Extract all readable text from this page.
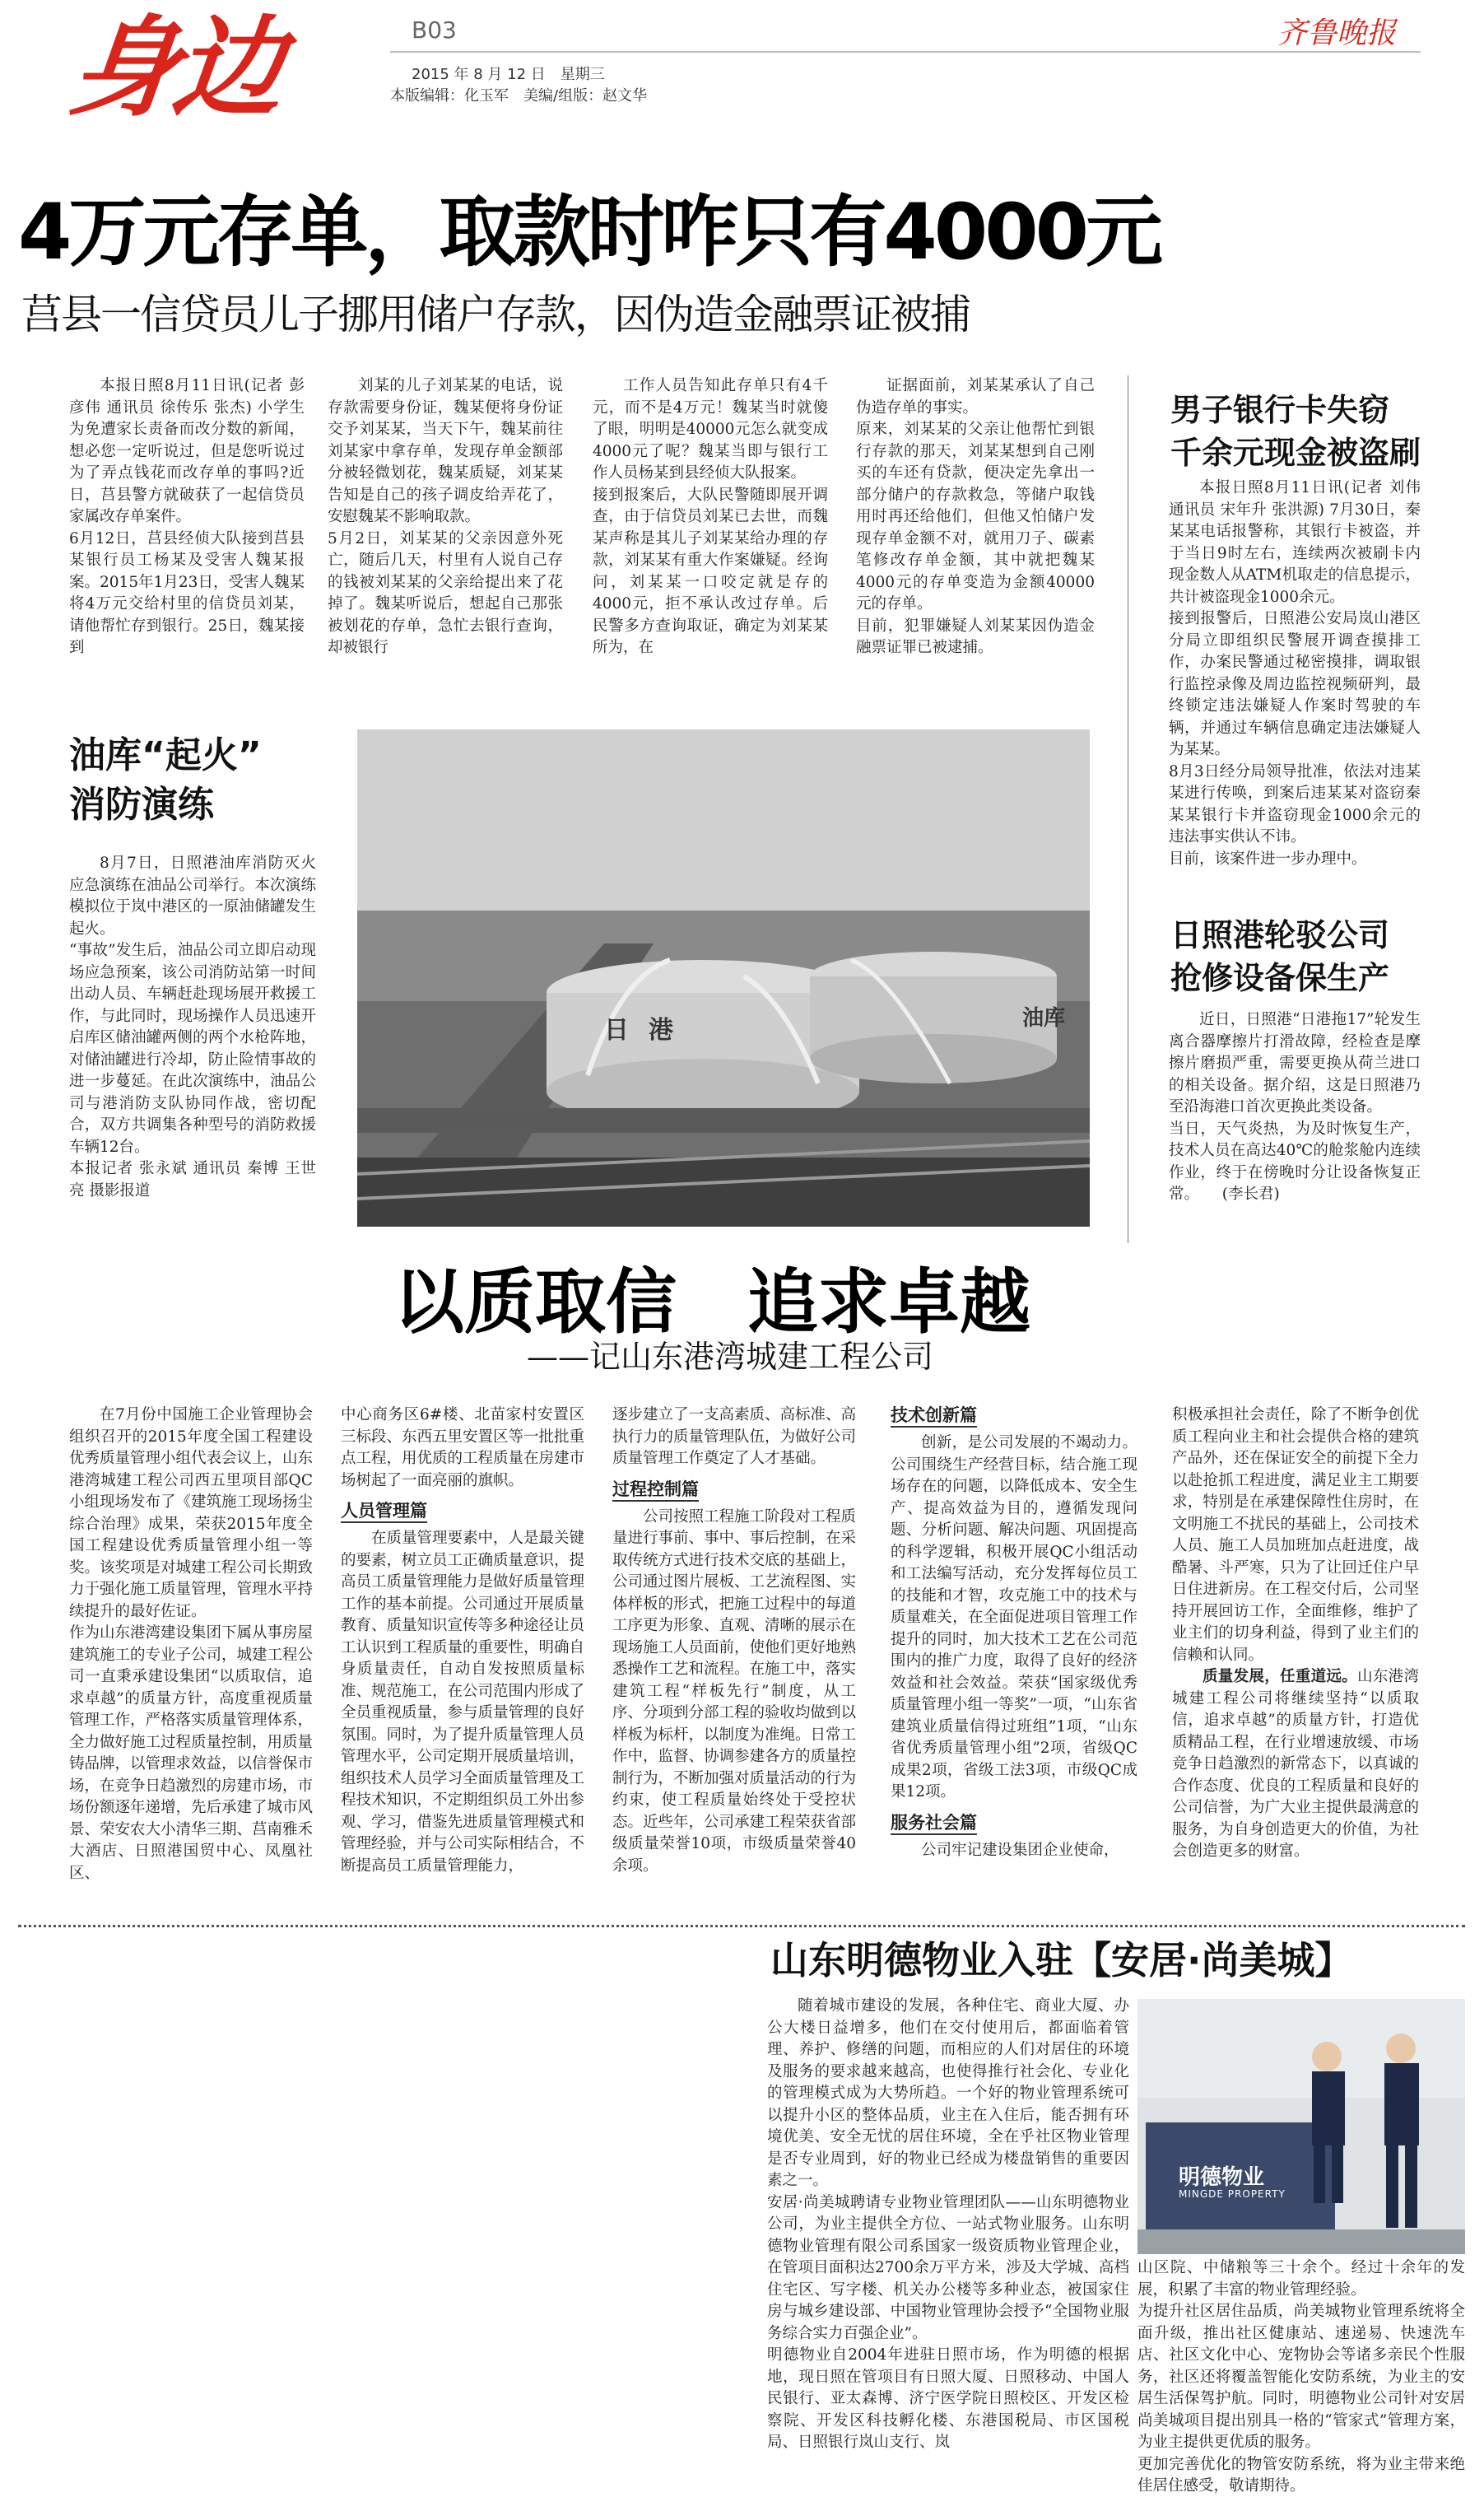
身边	B03
2015 年 8 月 12 日　星期三
本版编辑：化玉军　美编/组版：赵文华
齐鲁晚报
4万元存单，取款时咋只有4000元
莒县一信贷员儿子挪用储户存款，因伪造金融票证被捕
本报日照8月11日讯(记者 彭彦伟 通讯员 徐传乐 张杰) 小学生为免遭家长责备而改分数的新闻，想必您一定听说过，但是您听说过为了弄点钱花而改存单的事吗?近日，莒县警方就破获了一起信贷员家属改存单案件。
6月12日，莒县经侦大队接到莒县某银行员工杨某及受害人魏某报案。2015年1月23日，受害人魏某将4万元交给村里的信贷员刘某，请他帮忙存到银行。25日，魏某接到
刘某的儿子刘某某的电话，说存款需要身份证，魏某便将身份证交予刘某某，当天下午，魏某前往刘某家中拿存单，发现存单金额部分被轻微划花，魏某质疑，刘某某告知是自己的孩子调皮给弄花了，安慰魏某不影响取款。
5月2日，刘某某的父亲因意外死亡，随后几天，村里有人说自己存的钱被刘某某的父亲给提出来了花掉了。魏某听说后，想起自己那张被划花的存单，急忙去银行查询，却被银行
工作人员告知此存单只有4千元，而不是4万元！魏某当时就傻了眼，明明是40000元怎么就变成4000元了呢？魏某当即与银行工作人员杨某到县经侦大队报案。
接到报案后，大队民警随即展开调查，由于信贷员刘某已去世，而魏某声称是其儿子刘某某给办理的存款，刘某某有重大作案嫌疑。经询问，刘某某一口咬定就是存的4000元，拒不承认改过存单。后民警多方查询取证，确定为刘某某所为，在
证据面前，刘某某承认了自己伪造存单的事实。
原来，刘某某的父亲让他帮忙到银行存款的那天，刘某某想到自己刚买的车还有贷款，便决定先拿出一部分储户的存款救急，等储户取钱用时再还给他们，但他又怕储户发现存单金额不对，就用刀子、碳素笔修改存单金额，其中就把魏某 4000元的存单变造为金额40000元的存单。
目前，犯罪嫌疑人刘某某因伪造金融票证罪已被逮捕。
男子银行卡失窃
千余元现金被盗刷
本报日照8月11日讯(记者 刘伟 通讯员 宋年升 张洪源) 7月30日，秦某某电话报警称，其银行卡被盗，并于当日9时左右，连续两次被刷卡内现金数人从ATM机取走的信息提示，共计被盗现金1000余元。
接到报警后，日照港公安局岚山港区分局立即组织民警展开调查摸排工作，办案民警通过秘密摸排，调取银行监控录像及周边监控视频研判，最终锁定违法嫌疑人作案时驾驶的车辆，并通过车辆信息确定违法嫌疑人为某某。
8月3日经分局领导批准，依法对违某某进行传唤，到案后违某某对盗窃秦某某银行卡并盗窃现金1000余元的违法事实供认不讳。
目前，该案件进一步办理中。
日照港轮驳公司
抢修设备保生产
近日，日照港“日港拖17”轮发生离合器摩擦片打滑故障，经检查是摩擦片磨损严重，需要更换从荷兰进口的相关设备。据介绍，这是日照港乃至沿海港口首次更换此类设备。
当日，天气炎热，为及时恢复生产，技术人员在高达40℃的舱浆舱内连续作业，终于在傍晚时分让设备恢复正常。　　(李长君)
油库“起火”
消防演练
8月7日，日照港油库消防灭火应急演练在油品公司举行。本次演练模拟位于岚中港区的一原油储罐发生起火。
“事故”发生后，油品公司立即启动现场应急预案，该公司消防站第一时间出动人员、车辆赶赴现场展开救援工作，与此同时，现场操作人员迅速开启库区储油罐两侧的两个水枪阵地，对储油罐进行冷却，防止险情事故的进一步蔓延。在此次演练中，油品公司与港消防支队协同作战，密切配合，双方共调集各种型号的消防救援车辆12台。
本报记者 张永斌 通讯员 秦博 王世亮 摄影报道
日港	油库
以质取信　追求卓越
——记山东港湾城建工程公司
在7月份中国施工企业管理协会组织召开的2015年度全国工程建设优秀质量管理小组代表会议上，山东港湾城建工程公司西五里项目部QC小组现场发布了《建筑施工现场扬尘综合治理》成果，荣获2015年度全国工程建设优秀质量管理小组一等奖。该奖项是对城建工程公司长期致力于强化施工质量管理，管理水平持续提升的最好佐证。
作为山东港湾建设集团下属从事房屋建筑施工的专业子公司，城建工程公司一直秉承建设集团“以质取信，追求卓越”的质量方针，高度重视质量管理工作，严格落实质量管理体系，全力做好施工过程质量控制，用质量铸品牌，以管理求效益，以信誉保市场，在竞争日趋激烈的房建市场，市场份额逐年递增，先后承建了城市风景、荣安农大小清华三期、莒南雅禾大酒店、日照港国贸中心、凤凰社区、
中心商务区6#楼、北苗家村安置区三标段、东西五里安置区等一批批重点工程，用优质的工程质量在房建市场树起了一面亮丽的旗帜。
人员管理篇
在质量管理要素中，人是最关键的要素，树立员工正确质量意识，提高员工质量管理能力是做好质量管理工作的基本前提。公司通过开展质量教育、质量知识宣传等多种途径让员工认识到工程质量的重要性，明确自身质量责任，自动自发按照质量标准、规范施工，在公司范围内形成了全员重视质量，参与质量管理的良好氛围。同时，为了提升质量管理人员管理水平，公司定期开展质量培训，组织技术人员学习全面质量管理及工程技术知识，不定期组织员工外出参观、学习，借鉴先进质量管理模式和管理经验，并与公司实际相结合，不断提高员工质量管理能力，
逐步建立了一支高素质、高标准、高执行力的质量管理队伍，为做好公司质量管理工作奠定了人才基础。
过程控制篇
公司按照工程施工阶段对工程质量进行事前、事中、事后控制，在采取传统方式进行技术交底的基础上，公司通过图片展板、工艺流程图、实体样板的形式，把施工过程中的每道工序更为形象、直观、清晰的展示在现场施工人员面前，使他们更好地熟悉操作工艺和流程。在施工中，落实建筑工程“样板先行”制度，从工序、分项到分部工程的验收均做到以样板为标杆，以制度为准绳。日常工作中，监督、协调参建各方的质量控制行为，不断加强对质量活动的行为约束，使工程质量始终处于受控状态。近些年，公司承建工程荣获省部级质量荣誉10项，市级质量荣誉40余项。
技术创新篇
创新，是公司发展的不竭动力。公司围绕生产经营目标，结合施工现场存在的问题，以降低成本、安全生产、提高效益为目的，遵循发现问题、分析问题、解决问题、巩固提高的科学逻辑，积极开展QC小组活动和工法编写活动，充分发挥每位员工的技能和才智，攻克施工中的技术与质量难关，在全面促进项目管理工作提升的同时，加大技术工艺在公司范围内的推广力度，取得了良好的经济效益和社会效益。荣获“国家级优秀质量管理小组一等奖”一项，“山东省建筑业质量信得过班组”1项，“山东省优秀质量管理小组”2项，省级QC成果2项，省级工法3项，市级QC成果12项。
服务社会篇
公司牢记建设集团企业使命，
积极承担社会责任，除了不断争创优质工程向业主和社会提供合格的建筑产品外，还在保证安全的前提下全力以赴抢抓工程进度，满足业主工期要求，特别是在承建保障性住房时，在文明施工不扰民的基础上，公司技术人员、施工人员加班加点赶进度，战酷暑、斗严寒，只为了让回迁住户早日住进新房。在工程交付后，公司坚持开展回访工作，全面维修，维护了业主们的切身利益，得到了业主们的信赖和认同。
质量发展，任重道远。山东港湾城建工程公司将继续坚持“以质取信，追求卓越”的质量方针，打造优质精品工程，在行业增速放缓、市场竞争日趋激烈的新常态下，以真诚的合作态度、优良的工程质量和良好的公司信誉，为广大业主提供最满意的服务，为自身创造更大的价值，为社会创造更多的财富。
山东明德物业入驻【安居·尚美城】
随着城市建设的发展，各种住宅、商业大厦、办公大楼日益增多，他们在交付使用后，都面临着管理、养护、修缮的问题，而相应的人们对居住的环境及服务的要求越来越高，也使得推行社会化、专业化的管理模式成为大势所趋。一个好的物业管理系统可以提升小区的整体品质，业主在入住后，能否拥有环境优美、安全无忧的居住环境，全在乎社区物业管理是否专业周到，好的物业已经成为楼盘销售的重要因素之一。
安居·尚美城聘请专业物业管理团队——山东明德物业公司，为业主提供全方位、一站式物业服务。山东明德物业管理有限公司系国家一级资质物业管理企业，在管项目面积达2700余万平方米，涉及大学城、高档住宅区、写字楼、机关办公楼等多种业态，被国家住房与城乡建设部、中国物业管理协会授予“全国物业服务综合实力百强企业”。
明德物业自2004年进驻日照市场，作为明德的根据地，现日照在管项目有日照大厦、日照移动、中国人民银行、亚太森博、济宁医学院日照校区、开发区检察院、开发区科技孵化楼、东港国税局、市区国税局、日照银行岚山支行、岚
明德物业
MINGDE PROPERTY
山区院、中储粮等三十余个。经过十余年的发展，积累了丰富的物业管理经验。
为提升社区居住品质，尚美城物业管理系统将全面升级，推出社区健康站、速递易、快速洗车店、社区文化中心、宠物协会等诸多亲民个性服务，社区还将覆盖智能化安防系统，为业主的安居生活保驾护航。同时，明德物业公司针对安居尚美城项目提出别具一格的“管家式”管理方案，为业主提供更优质的服务。
更加完善优化的物管安防系统，将为业主带来绝佳居住感受，敬请期待。
